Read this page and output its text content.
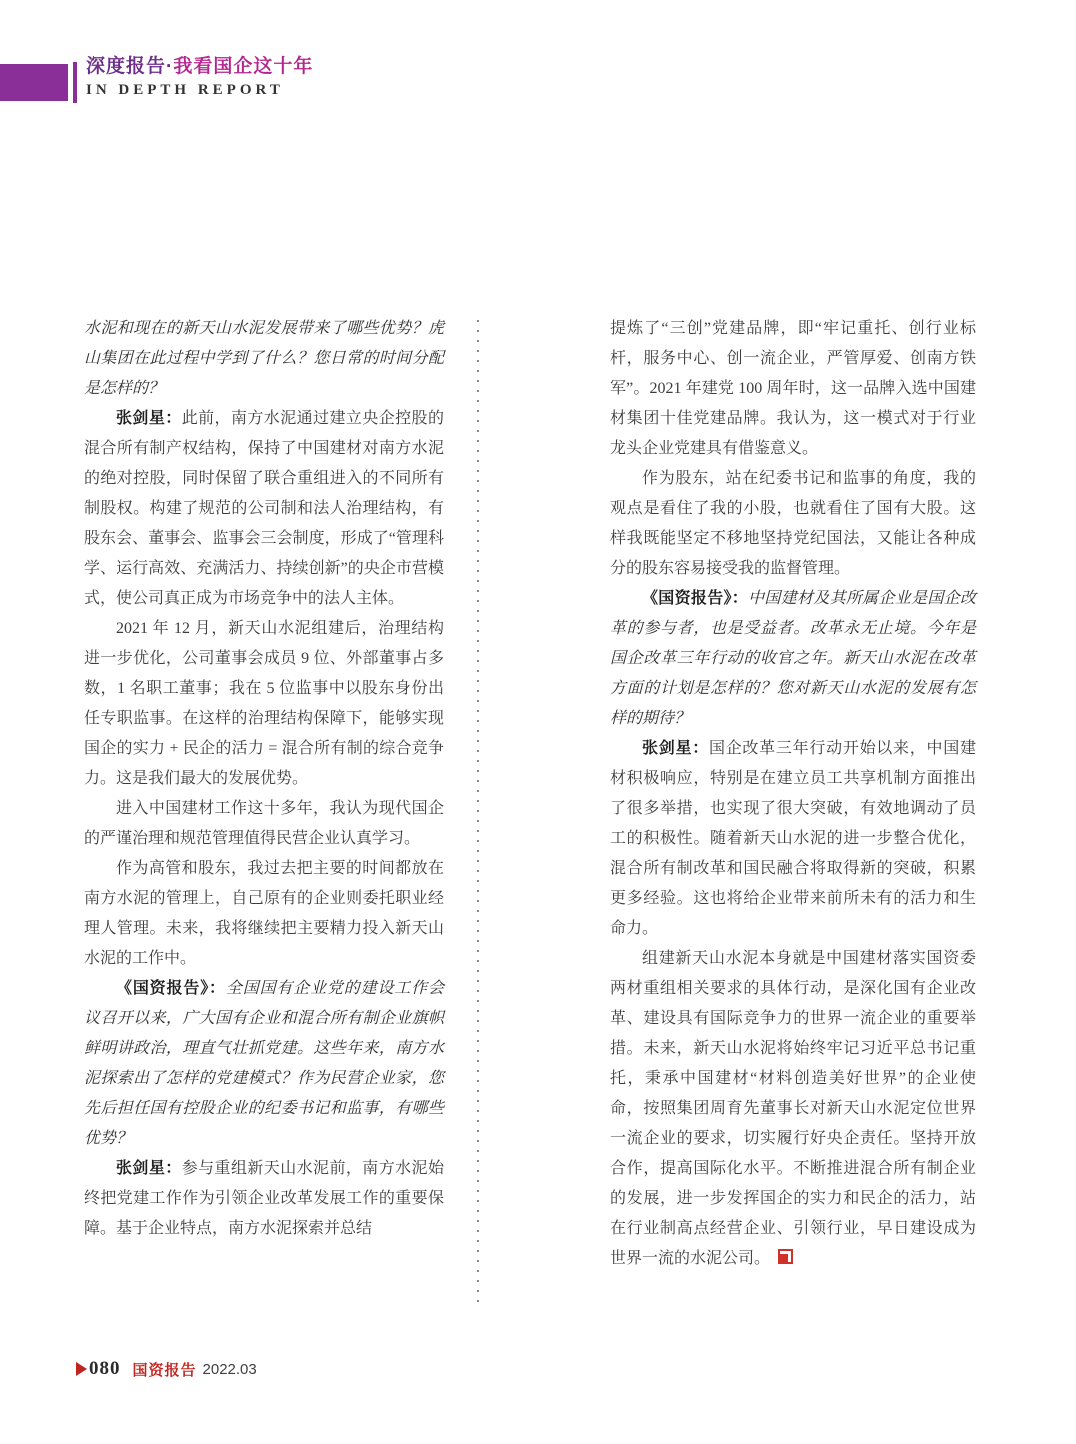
深度报告·我看国企这十年
IN DEPTH REPORT

水泥和现在的新天山水泥发展带来了哪些优势？虎山集团在此过程中学到了什么？您日常的时间分配是怎样的？

张剑星：此前，南方水泥通过建立央企控股的混合所有制产权结构，保持了中国建材对南方水泥的绝对控股，同时保留了联合重组进入的不同所有制股权。构建了规范的公司制和法人治理结构，有股东会、董事会、监事会三会制度，形成了“管理科学、运行高效、充满活力、持续创新”的央企市营模式，使公司真正成为市场竞争中的法人主体。

2021 年 12 月，新天山水泥组建后，治理结构进一步优化，公司董事会成员 9 位、外部董事占多数，1 名职工董事；我在 5 位监事中以股东身份出任专职监事。在这样的治理结构保障下，能够实现国企的实力 + 民企的活力 = 混合所有制的综合竞争力。这是我们最大的发展优势。

进入中国建材工作这十多年，我认为现代国企的严谨治理和规范管理值得民营企业认真学习。

作为高管和股东，我过去把主要的时间都放在南方水泥的管理上，自己原有的企业则委托职业经理人管理。未来，我将继续把主要精力投入新天山水泥的工作中。

《国资报告》：全国国有企业党的建设工作会议召开以来，广大国有企业和混合所有制企业旗帜鲜明讲政治，理直气壮抓党建。这些年来，南方水泥探索出了怎样的党建模式？作为民营企业家，您先后担任国有控股企业的纪委书记和监事，有哪些优势？

张剑星：参与重组新天山水泥前，南方水泥始终把党建工作作为引领企业改革发展工作的重要保障。基于企业特点，南方水泥探索并总结

提炼了“三创”党建品牌，即“牢记重托、创行业标杆，服务中心、创一流企业，严管厚爱、创南方铁军”。2021 年建党 100 周年时，这一品牌入选中国建材集团十佳党建品牌。我认为，这一模式对于行业龙头企业党建具有借鉴意义。

作为股东，站在纪委书记和监事的角度，我的观点是看住了我的小股，也就看住了国有大股。这样我既能坚定不移地坚持党纪国法，又能让各种成分的股东容易接受我的监督管理。

《国资报告》：中国建材及其所属企业是国企改革的参与者，也是受益者。改革永无止境。今年是国企改革三年行动的收官之年。新天山水泥在改革方面的计划是怎样的？您对新天山水泥的发展有怎样的期待？

张剑星：国企改革三年行动开始以来，中国建材积极响应，特别是在建立员工共享机制方面推出了很多举措，也实现了很大突破，有效地调动了员工的积极性。随着新天山水泥的进一步整合优化，混合所有制改革和国民融合将取得新的突破，积累更多经验。这也将给企业带来前所未有的活力和生命力。

组建新天山水泥本身就是中国建材落实国资委两材重组相关要求的具体行动，是深化国有企业改革、建设具有国际竞争力的世界一流企业的重要举措。未来，新天山水泥将始终牢记习近平总书记重托，秉承中国建材“材料创造美好世界”的企业使命，按照集团周育先董事长对新天山水泥定位世界一流企业的要求，切实履行好央企责任。坚持开放合作，提高国际化水平。不断推进混合所有制企业的发展，进一步发挥国企的实力和民企的活力，站在行业制高点经营企业、引领行业，早日建设成为世界一流的水泥公司。

080 国资报告 2022.03
